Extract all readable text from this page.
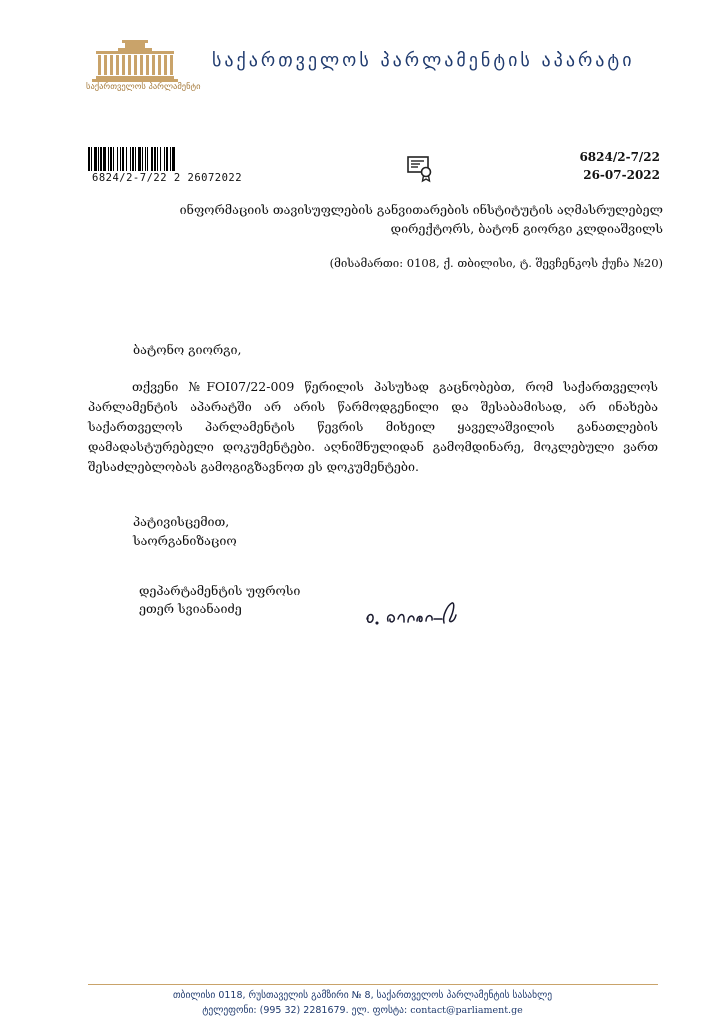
საქართველოს პარლამენტი
საქართველოს პარლამენტის აპარატი
6824/2-7/22 2 26072022
6824/2-7/22
26-07-2022
ინფორმაციის თავისუფლების განვითარების ინსტიტუტის აღმასრულებელ
დირექტორს, ბატონ გიორგი კლდიაშვილს
(მისამართი: 0108, ქ. თბილისი, ტ. შევჩენკოს ქუჩა №20)
ბატონო გიორგი,

თქვენი №FOI07/22-009 წერილის პასუხად გაცნობებთ, რომ საქართველოს პარლამენტის აპარატში არ არის წარმოდგენილი და შესაბამისად, არ ინახება საქართველოს პარლამენტის წევრის მიხეილ ყაველაშვილის განათლების დამადასტურებელი დოკუმენტები. აღნიშნულიდან გამომდინარე, მოკლებული ვართ შესაძლებლობას გამოგიგზავნოთ ეს დოკუმენტები.

პატივისცემით,
საორგანიზაციო
დეპარტამენტის უფროსი
ეთერ სვიანაიძე
თბილისი 0118, რუსთაველის გამზირი № 8, საქართველოს პარლამენტის სასახლე
ტელეფონი: (995 32) 2281679. ელ. ფოსტა: contact@parliament.ge
